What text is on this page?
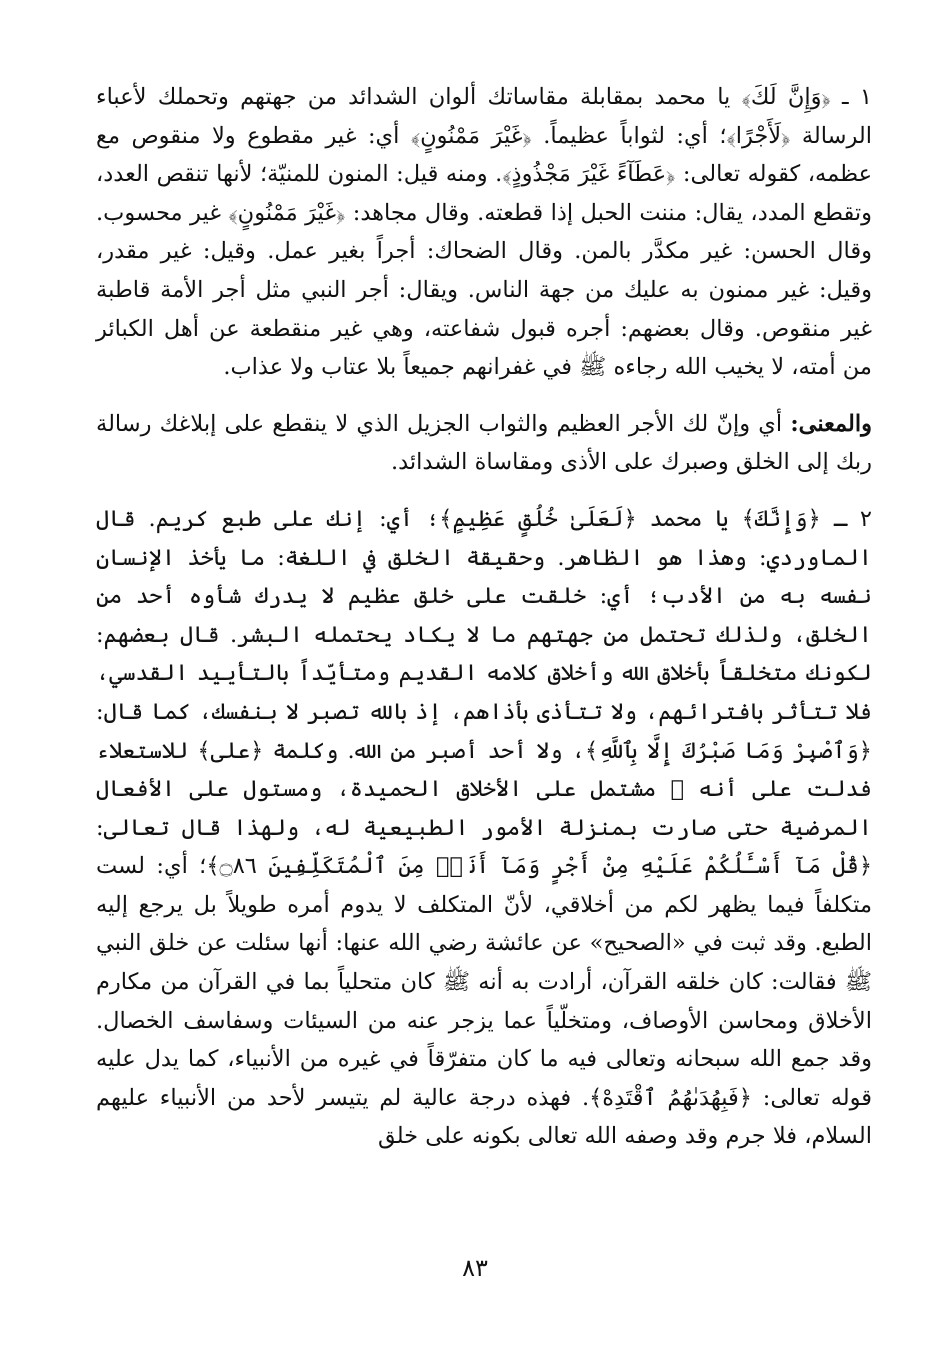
١ ـ ﴿وَإِنَّ لَكَ﴾ يا محمد بمقابلة مقاساتك ألوان الشدائد من جهتهم وتحملك لأعباء الرسالة ﴿لَأَجْرًا﴾؛ أي: لثواباً عظيماً. ﴿غَيْرَ مَمْنُونٍ﴾ أي: غير مقطوع ولا منقوص مع عظمه، كقوله تعالى: ﴿عَطَآءً غَيْرَ مَجْذُوذٍ﴾. ومنه قيل: المنون للمنيّة؛ لأنها تنقص العدد، وتقطع المدد، يقال: مننت الحبل إذا قطعته. وقال مجاهد: ﴿غَيْرَ مَمْنُونٍ﴾ غير محسوب. وقال الحسن: غير مكدَّر بالمن. وقال الضحاك: أجراً بغير عمل. وقيل: غير مقدر، وقيل: غير ممنون به عليك من جهة الناس. ويقال: أجر النبي مثل أجر الأمة قاطبة غير منقوص. وقال بعضهم: أجره قبول شفاعته، وهي غير منقطعة عن أهل الكبائر من أمته، لا يخيب الله رجاءه ﷺ في غفرانهم جميعاً بلا عتاب ولا عذاب.

والمعنى: أي وإنّ لك الأجر العظيم والثواب الجزيل الذي لا ينقطع على إبلاغك رسالة ربك إلى الخلق وصبرك على الأذى ومقاساة الشدائد.

٢ ـ ﴿وَإِنَّكَ﴾ يا محمد ﴿لَعَلَىٰ خُلُقٍ عَظِيمٍ﴾؛ أي: إنك على طبع كريم. قال الماوردي: وهذا هو الظاهر. وحقيقة الخلق في اللغة: ما يأخذ الإنسان نفسه به من الأدب؛ أي: خلقت على خلق عظيم لا يدرك شأوه أحد من الخلق، ولذلك تحتمل من جهتهم ما لا يكاد يحتمله البشر. قال بعضهم: لكونك متخلقاً بأخلاق الله وأخلاق كلامه القديم ومتأيّداً بالتأييد القدسي، فلا تتأثر بافترائهم، ولا تتأذى بأذاهم، إذ بالله تصبر لا بنفسك، كما قال: ﴿وَٱصْبِرْ وَمَا صَبْرُكَ إِلَّا بِٱللَّهِ﴾، ولا أحد أصبر من الله. وكلمة ﴿على﴾ للاستعلاء فدلت على أنه ﷺ مشتمل على الأخلاق الحميدة، ومستول على الأفعال المرضية حتى صارت بمنزلة الأمور الطبيعية له، ولهذا قال تعالى: ﴿قُلْ مَآ أَسْـَٔلُكُمْ عَلَيْهِ مِنْ أَجْرٍ وَمَآ أَنَا۠ مِنَ ٱلْمُتَكَلِّفِينَ ۝٨٦﴾؛ أي: لست متكلفاً فيما يظهر لكم من أخلاقي، لأنّ المتكلف لا يدوم أمره طويلاً بل يرجع إليه الطبع. وقد ثبت في «الصحيح» عن عائشة رضي الله عنها: أنها سئلت عن خلق النبي ﷺ فقالت: كان خلقه القرآن، أرادت به أنه ﷺ كان متحلياً بما في القرآن من مكارم الأخلاق ومحاسن الأوصاف، ومتخلّياً عما يزجر عنه من السيئات وسفاسف الخصال. وقد جمع الله سبحانه وتعالى فيه ما كان متفرّقاً في غيره من الأنبياء، كما يدل عليه قوله تعالى: ﴿فَبِهُدَىٰهُمُ ٱقْتَدِهْ﴾. فهذه درجة عالية لم يتيسر لأحد من الأنبياء عليهم السلام، فلا جرم وقد وصفه الله تعالى بكونه على خلق

٨٣
